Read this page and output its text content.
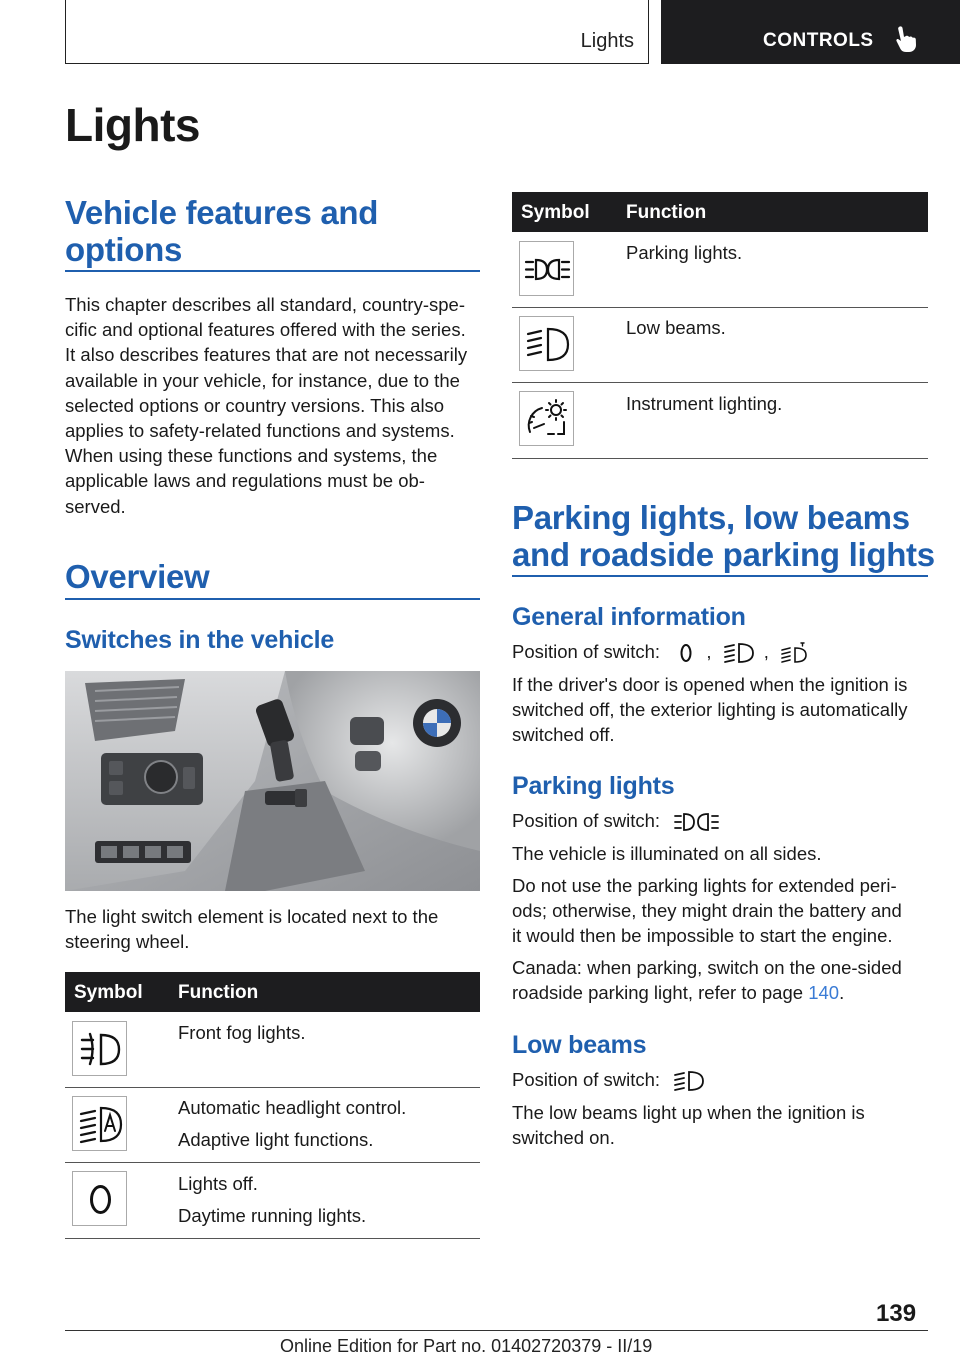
Lights	CONTROLS
Lights
Vehicle features and
options
This chapter describes all standard, country-spe-
cific and optional features offered with the series.
It also describes features that are not necessarily
available in your vehicle, for instance, due to the
selected options or country versions. This also
applies to safety-related functions and systems.
When using these functions and systems, the
applicable laws and regulations must be ob-
served.
Overview
Switches in the vehicle
The light switch element is located next to the
steering wheel.
Symbol Function
Front fog lights.
Automatic headlight control.
Adaptive light functions.
Lights off.
Daytime running lights.
Symbol Function
Parking lights.
Low beams.
Instrument lighting.
Parking lights, low beams
and roadside parking lights
General information
Position of switch:	,	,
If the driver's door is opened when the ignition is
switched off, the exterior lighting is automatically
switched off.
Parking lights
Position of switch:
The vehicle is illuminated on all sides.
Do not use the parking lights for extended peri-
ods; otherwise, they might drain the battery and
it would then be impossible to start the engine.
Canada: when parking, switch on the one-sided
roadside parking light, refer to page 140.
Low beams
Position of switch:
The low beams light up when the ignition is
switched on.
139
Online Edition for Part no. 01402720379 - II/19
